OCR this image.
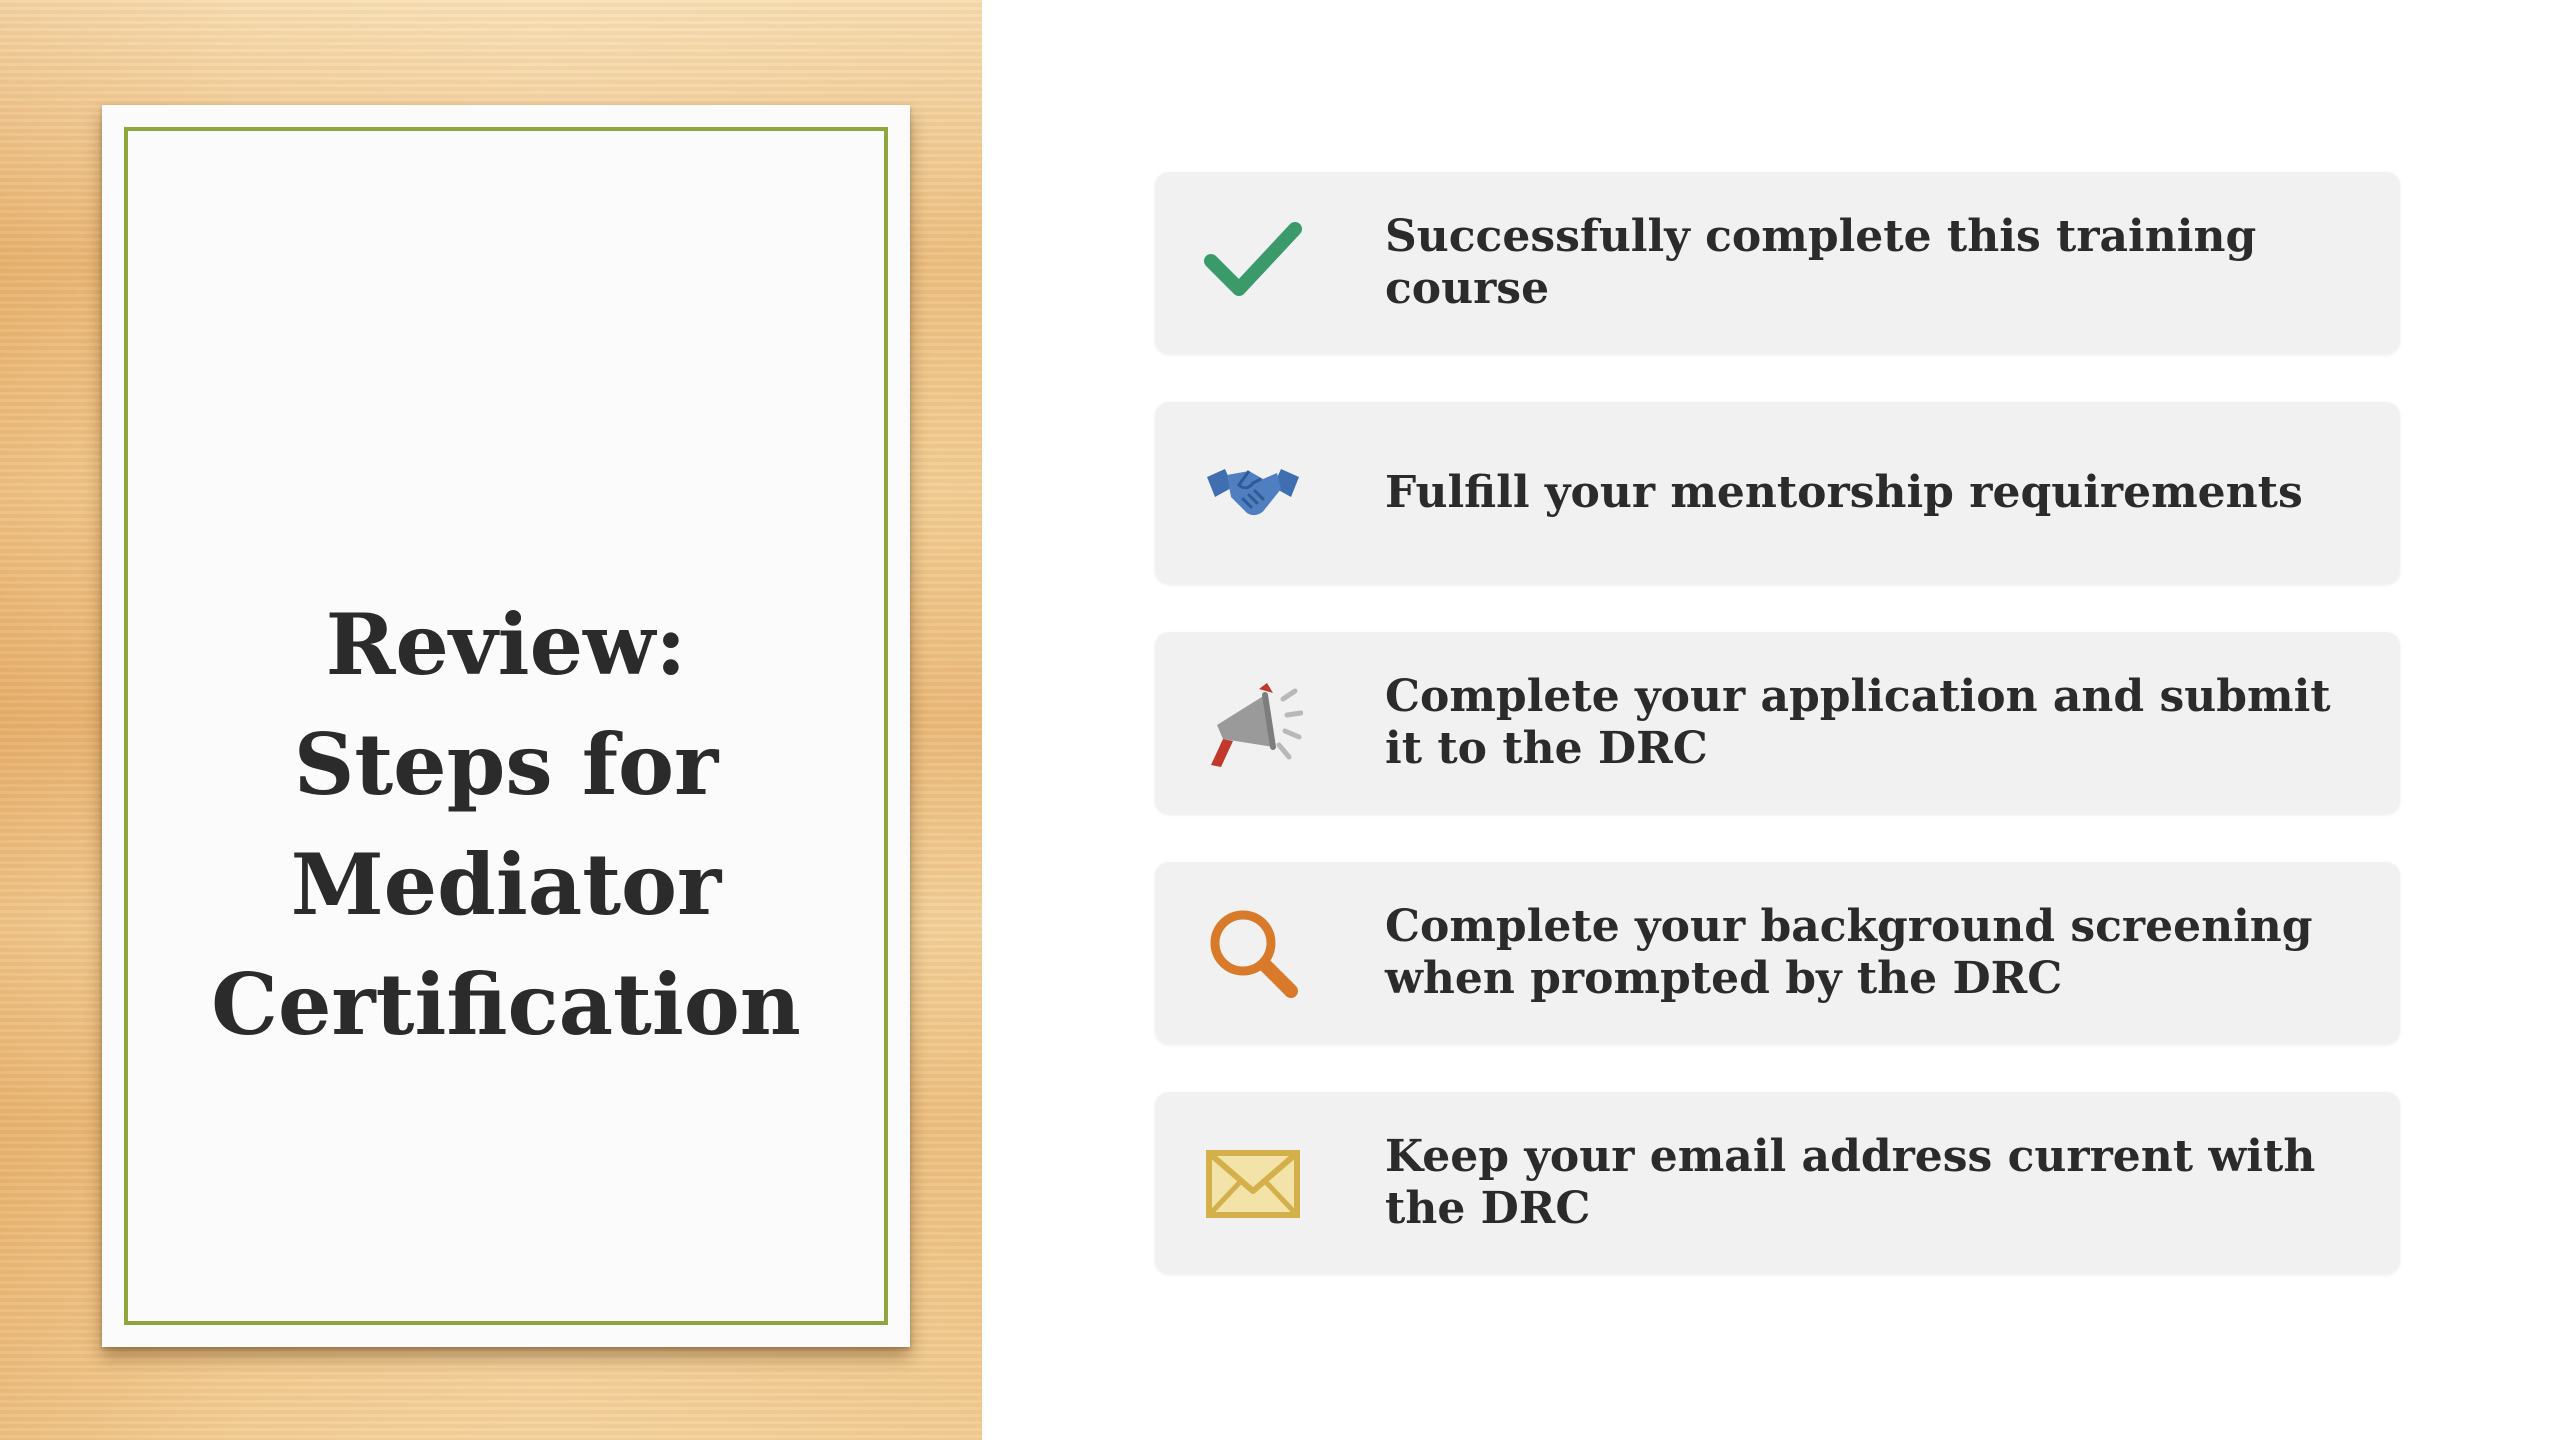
Review:
Steps for
Mediator
Certification
Successfully complete this training course
Fulfill your mentorship requirements
Complete your application and submit it to the DRC
Complete your background screening when prompted by the DRC
Keep your email address current with the DRC
